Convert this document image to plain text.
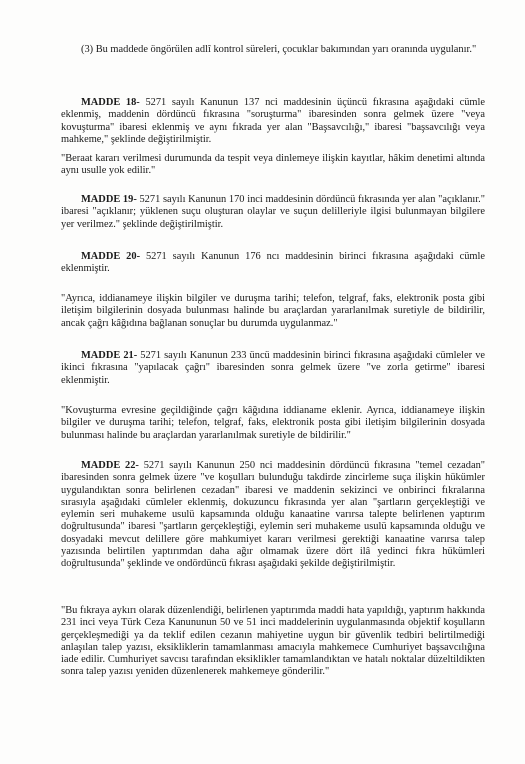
(3) Bu maddede öngörülen adlî kontrol süreleri, çocuklar bakımından yarı oranında uygulanır."

MADDE 18- 5271 sayılı Kanunun 137 nci maddesinin üçüncü fıkrasına aşağıdaki cümle eklenmiş, maddenin dördüncü fıkrasına "soruşturma" ibaresinden sonra gelmek üzere "veya kovuşturma" ibaresi eklenmiş ve aynı fıkrada yer alan "Başsavcılığı," ibaresi "başsavcılığı veya mahkeme," şeklinde değiştirilmiştir.

"Beraat kararı verilmesi durumunda da tespit veya dinlemeye ilişkin kayıtlar, hâkim denetimi altında aynı usulle yok edilir."

MADDE 19- 5271 sayılı Kanunun 170 inci maddesinin dördüncü fıkrasında yer alan "açıklanır." ibaresi "açıklanır; yüklenen suçu oluşturan olaylar ve suçun delilleriyle ilgisi bulunmayan bilgilere yer verilmez." şeklinde değiştirilmiştir.

MADDE 20- 5271 sayılı Kanunun 176 ncı maddesinin birinci fıkrasına aşağıdaki cümle eklenmiştir.

"Ayrıca, iddianameye ilişkin bilgiler ve duruşma tarihi; telefon, telgraf, faks, elektronik posta gibi iletişim bilgilerinin dosyada bulunması halinde bu araçlardan yararlanılmak suretiyle de bildirilir, ancak çağrı kâğıdına bağlanan sonuçlar bu durumda uygulanmaz."

MADDE 21- 5271 sayılı Kanunun 233 üncü maddesinin birinci fıkrasına aşağıdaki cümleler ve ikinci fıkrasına "yapılacak çağrı" ibaresinden sonra gelmek üzere "ve zorla getirme" ibaresi eklenmiştir.

"Kovuşturma evresine geçildiğinde çağrı kâğıdına iddianame eklenir. Ayrıca, iddianameye ilişkin bilgiler ve duruşma tarihi; telefon, telgraf, faks, elektronik posta gibi iletişim bilgilerinin dosyada bulunması halinde bu araçlardan yararlanılmak suretiyle de bildirilir."

MADDE 22- 5271 sayılı Kanunun 250 nci maddesinin dördüncü fıkrasına "temel cezadan" ibaresinden sonra gelmek üzere "ve koşulları bulunduğu takdirde zincirleme suça ilişkin hükümler uygulandıktan sonra belirlenen cezadan" ibaresi ve maddenin sekizinci ve onbirinci fıkralarına sırasıyla aşağıdaki cümleler eklenmiş, dokuzuncu fıkrasında yer alan "şartların gerçekleştiği ve eylemin seri muhakeme usulü kapsamında olduğu kanaatine varırsa talepte belirlenen yaptırım doğrultusunda" ibaresi "şartların gerçekleştiği, eylemin seri muhakeme usulü kapsamında olduğu ve dosyadaki mevcut delillere göre mahkumiyet kararı verilmesi gerektiği kanaatine varırsa talep yazısında belirtilen yaptırımdan daha ağır olmamak üzere dört ilâ yedinci fıkra hükümleri doğrultusunda" şeklinde ve ondördüncü fıkrası aşağıdaki şekilde değiştirilmiştir.

"Bu fıkraya aykırı olarak düzenlendiği, belirlenen yaptırımda maddi hata yapıldığı, yaptırım hakkında 231 inci veya Türk Ceza Kanununun 50 ve 51 inci maddelerinin uygulanmasında objektif koşulların gerçekleşmediği ya da teklif edilen cezanın mahiyetine uygun bir güvenlik tedbiri belirtilmediği anlaşılan talep yazısı, eksikliklerin tamamlanması amacıyla mahkemece Cumhuriyet başsavcılığına iade edilir. Cumhuriyet savcısı tarafından eksiklikler tamamlandıktan ve hatalı noktalar düzeltildikten sonra talep yazısı yeniden düzenlenerek mahkemeye gönderilir."
